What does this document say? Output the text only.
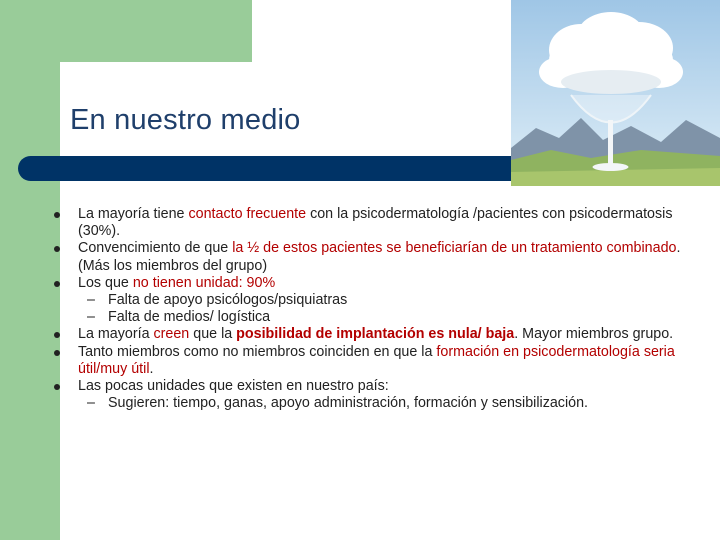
En nuestro medio
La mayoría tiene contacto frecuente con la psicodermatología /pacientes con psicodermatosis (30%).
Convencimiento de que la ½ de estos pacientes se beneficiarían de un tratamiento combinado. (Más los miembros del grupo)
Los que no tienen unidad: 90%
– Falta de apoyo psicólogos/psiquiatras
– Falta de medios/ logística
La mayoría creen que la posibilidad de implantación es nula/ baja. Mayor miembros grupo.
Tanto miembros como no miembros coinciden en que la formación en psicodermatología seria útil/muy útil.
Las pocas unidades que existen en nuestro país:
– Sugieren: tiempo, ganas, apoyo administración, formación y sensibilización.
